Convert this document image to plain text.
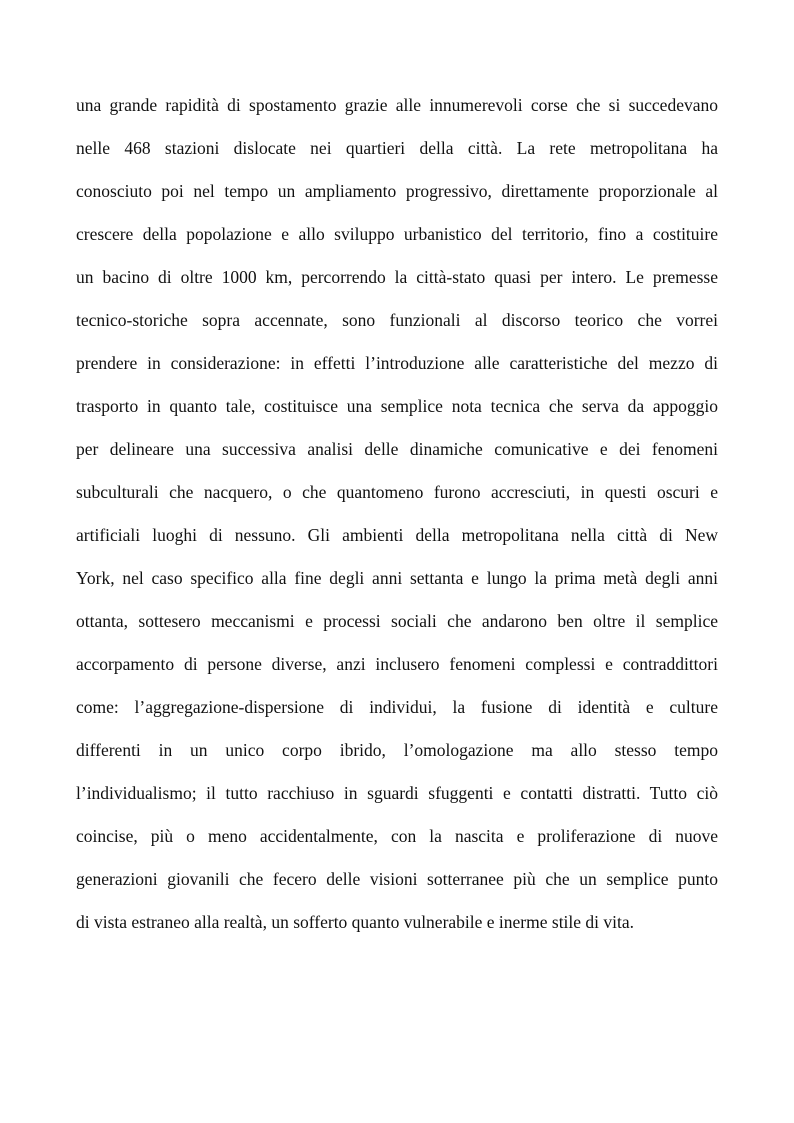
una grande rapidità di spostamento grazie alle innumerevoli corse che si succedevano
nelle 468 stazioni dislocate nei quartieri della città. La rete metropolitana ha
conosciuto poi nel tempo un ampliamento progressivo, direttamente proporzionale al
crescere della popolazione e allo sviluppo urbanistico del territorio, fino a costituire
un bacino di oltre 1000 km, percorrendo la città-stato quasi per intero. Le premesse
tecnico-storiche sopra accennate, sono funzionali al discorso teorico che vorrei
prendere in considerazione: in effetti l’introduzione alle caratteristiche del mezzo di
trasporto in quanto tale, costituisce una semplice nota tecnica che serva da appoggio
per delineare una successiva analisi delle dinamiche comunicative e dei fenomeni
subculturali che nacquero, o che quantomeno furono accresciuti, in questi oscuri e
artificiali luoghi di nessuno. Gli ambienti della metropolitana nella città di New
York, nel caso specifico alla fine degli anni settanta e lungo la prima metà degli anni
ottanta, sottesero meccanismi e processi sociali che andarono ben oltre il semplice
accorpamento di persone diverse, anzi inclusero fenomeni complessi e contraddittori
come: l’aggregazione-dispersione di individui, la fusione di identità e culture
differenti in un unico corpo ibrido, l’omologazione ma allo stesso tempo
l’individualismo; il tutto racchiuso in sguardi sfuggenti e contatti distratti. Tutto ciò
coincise, più o meno accidentalmente, con la nascita e proliferazione di nuove
generazioni giovanili che fecero delle visioni sotterranee più che un semplice punto
di vista estraneo alla realtà, un sofferto quanto vulnerabile e inerme stile di vita.
